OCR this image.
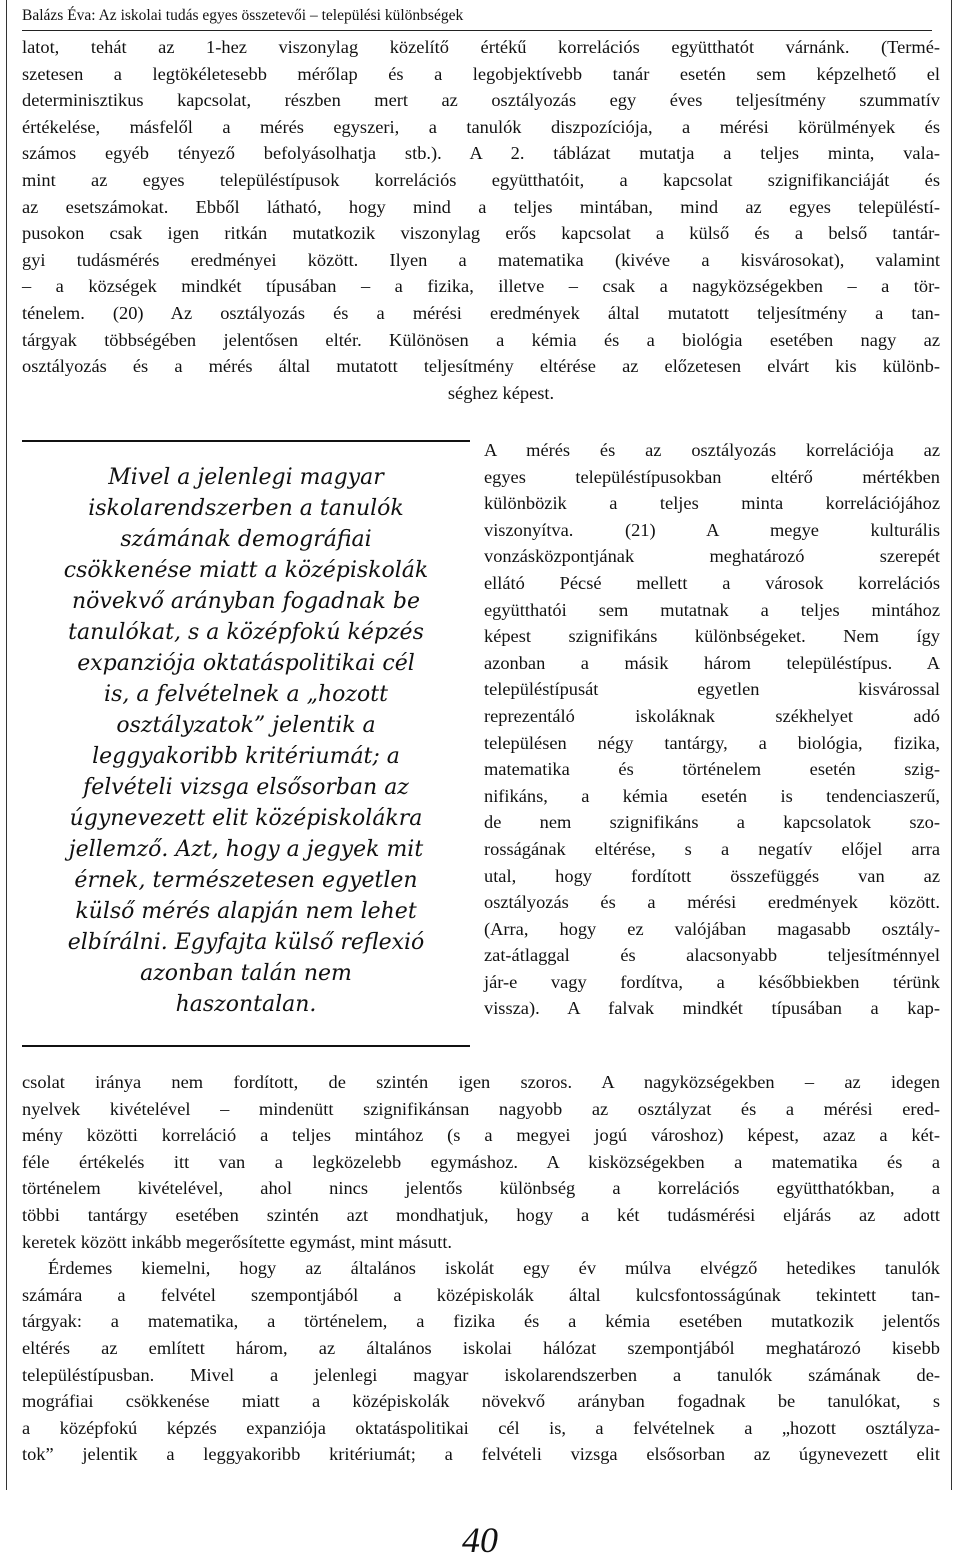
Balázs Éva: Az iskolai tudás egyes összetevői – települési különbségek
latot, tehát az 1-hez viszonylag közelítő értékű korrelációs együtthatót várnánk. (Termé-
szetesen a legtökéletesebb mérőlap és a legobjektívebb tanár esetén sem képzelhető el
determinisztikus kapcsolat, részben mert az osztályozás egy éves teljesítmény szummatív
értékelése, másfelől a mérés egyszeri, a tanulók diszpozíciója, a mérési körülmények és
számos egyéb tényező befolyásolhatja stb.). A 2. táblázat mutatja a teljes minta, vala-
mint az egyes településtípusok korrelációs együtthatóit, a kapcsolat szignifikanciáját és
az esetszámokat. Ebből látható, hogy mind a teljes mintában, mind az egyes településtí-
pusokon csak igen ritkán mutatkozik viszonylag erős kapcsolat a külső és a belső tantár-
gyi tudásmérés eredményei között. Ilyen a matematika (kivéve a kisvárosokat), valamint
– a községek mindkét típusában – a fizika, illetve – csak a nagyközségekben – a tör-
ténelem. (20) Az osztályozás és a mérési eredmények által mutatott teljesítmény a tan-
tárgyak többségében jelentősen eltér. Különösen a kémia és a biológia esetében nagy az
osztályozás és a mérés által mutatott teljesítmény eltérése az előzetesen elvárt kis különb-
séghez képest.
Mivel a jelenlegi magyar
iskolarendszerben a tanulók
számának demográfiai
csökkenése miatt a középiskolák
növekvő arányban fogadnak be
tanulókat, s a középfokú képzés
expanziója oktatáspolitikai cél
is, a felvételnek a „hozott
osztályzatok” jelentik a
leggyakoribb kritériumát; a
felvételi vizsga elsősorban az
úgynevezett elit középiskolákra
jellemző. Azt, hogy a jegyek mit
érnek, természetesen egyetlen
külső mérés alapján nem lehet
elbírálni. Egyfajta külső reflexió
azonban talán nem
haszontalan.
A mérés és az osztályozás korrelációja az
egyes településtípusokban eltérő mértékben
különbözik a teljes minta korrelációjához
viszonyítva. (21) A megye kulturális
vonzásközpontjának meghatározó szerepét
ellátó Pécsé mellett a városok korrelációs
együtthatói sem mutatnak a teljes mintához
képest szignifikáns különbségeket. Nem így
azonban a másik három településtípus. A
településtípusát egyetlen kisvárossal
reprezentáló iskoláknak székhelyet adó
településen négy tantárgy, a biológia, fizika,
matematika és történelem esetén szig-
nifikáns, a kémia esetén is tendenciaszerű,
de nem szignifikáns a kapcsolatok szo-
rosságának eltérése, s a negatív előjel arra
utal, hogy fordított összefüggés van az
osztályozás és a mérési eredmények között.
(Arra, hogy ez valójában magasabb osztály-
zat-átlaggal és alacsonyabb teljesítménnyel
jár-e vagy fordítva, a későbbiekben térünk
vissza). A falvak mindkét típusában a kap-
csolat iránya nem fordított, de szintén igen szoros. A nagyközségekben – az idegen
nyelvek kivételével – mindenütt szignifikánsan nagyobb az osztályzat és a mérési ered-
mény közötti korreláció a teljes mintához (s a megyei jogú városhoz) képest, azaz a két-
féle értékelés itt van a legközelebb egymáshoz. A kisközségekben a matematika és a
történelem kivételével, ahol nincs jelentős különbség a korrelációs együtthatókban, a
többi tantárgy esetében szintén azt mondhatjuk, hogy a két tudásmérési eljárás az adott
keretek között inkább megerősítette egymást, mint másutt.
Érdemes kiemelni, hogy az általános iskolát egy év múlva elvégző hetedikes tanulók
számára a felvétel szempontjából a középiskolák által kulcsfontosságúnak tekintett tan-
tárgyak: a matematika, a történelem, a fizika és a kémia esetében mutatkozik jelentős
eltérés az említett három, az általános iskolai hálózat szempontjából meghatározó kisebb
településtípusban. Mivel a jelenlegi magyar iskolarendszerben a tanulók számának de-
mográfiai csökkenése miatt a középiskolák növekvő arányban fogadnak be tanulókat, s
a középfokú képzés expanziója oktatáspolitikai cél is, a felvételnek a „hozott osztályza-
tok” jelentik a leggyakoribb kritériumát; a felvételi vizsga elsősorban az úgynevezett elit
40
